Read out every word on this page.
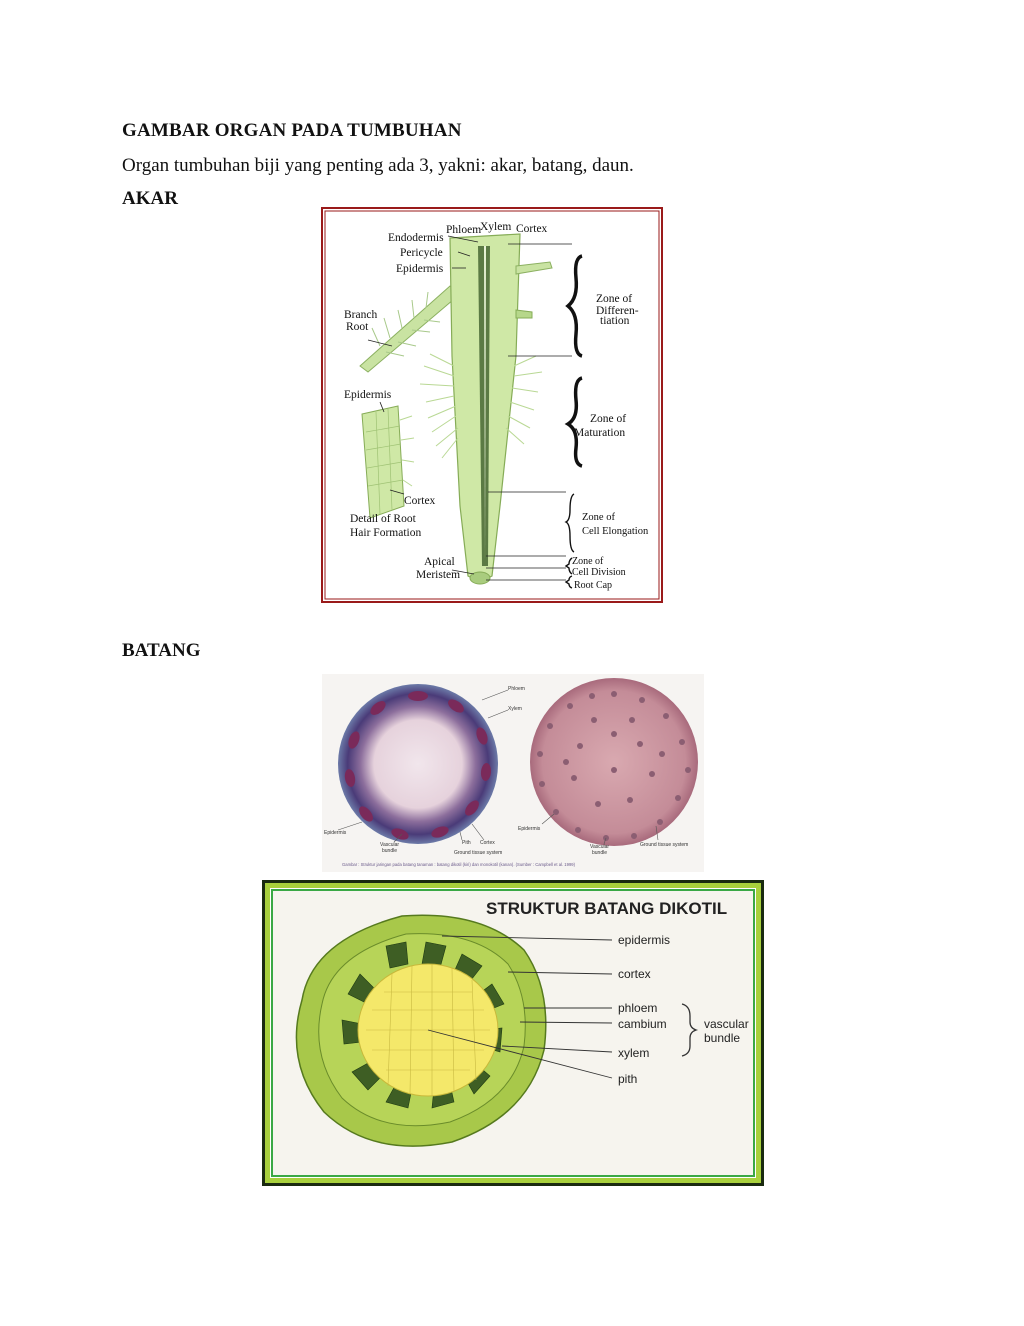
GAMBAR ORGAN PADA TUMBUHAN
Organ tumbuhan biji yang penting ada 3, yakni: akar, batang, daun.
AKAR
Phloem
Xylem Cortex
Endodermis
Pericycle
Epidermis
Branch
Root
Epidermis
Cortex
Detail of Root
Hair Formation
Apical
Meristem
Zone of
Differen-
tiation
Zone of
Maturation
Zone of
Cell Elongation
Zone of
Cell Division
Root Cap
BATANG
Phloem
Xylem
Epidermis
Vascular
bundle
Pith Cortex
Ground tissue system
Epidermis
Vascular
bundle
Ground tissue system
Gambar : Struktur jaringan pada batang tanaman : batang dikotil (kiri) dan monokotil (kanan). (Sumber : Campbell et al. 1999)
STRUKTUR BATANG DIKOTIL
epidermis
cortex
phloem
cambium
xylem
pith
vascular
bundle
